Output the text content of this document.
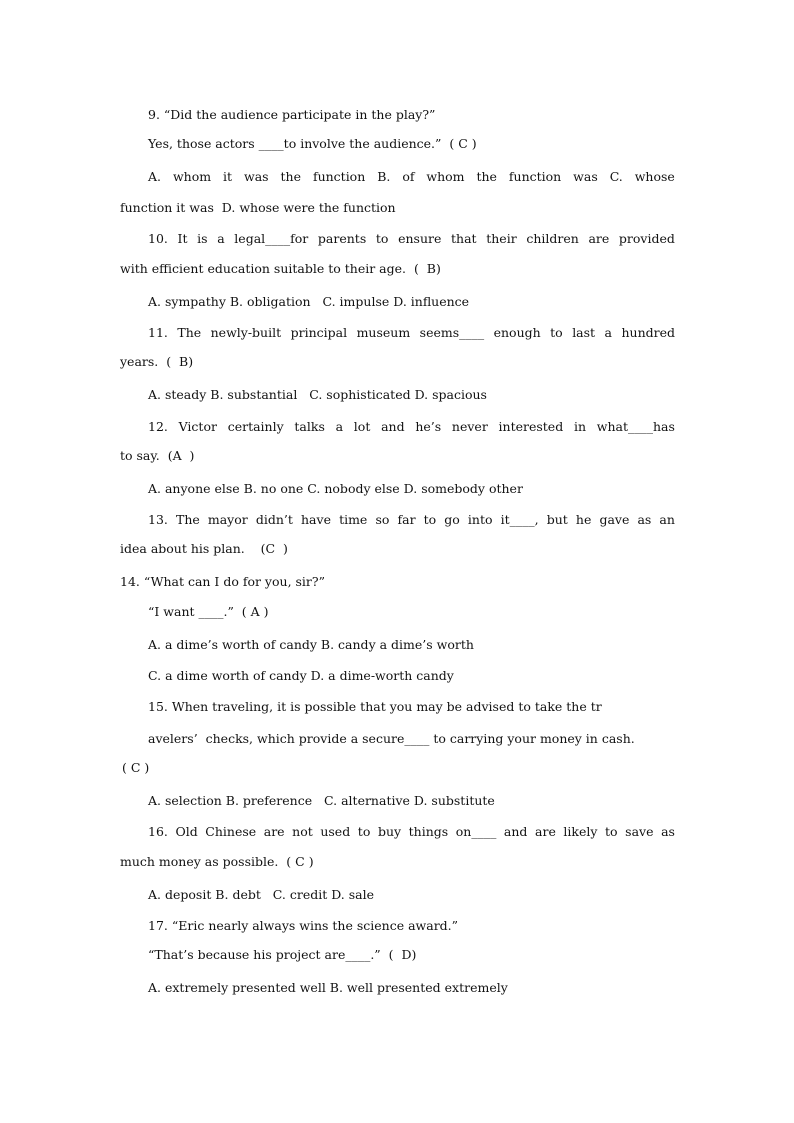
9. “Did the audience participate in the play?”
Yes, those actors ____to involve the audience.”  ( C )
A. whom it was the function B. of whom the function was C. whose
function it was  D. whose were the function
10. It is a legal____for parents to ensure that their children are provided
with efficient education suitable to their age.  (  B)
A. sympathy B. obligation   C. impulse D. influence
11. The newly-built principal museum seems____ enough to last a hundred
years.  (  B)
A. steady B. substantial   C. sophisticated D. spacious
12. Victor certainly talks a lot and he’s never interested in what____has
to say.  (A  )
A. anyone else B. no one C. nobody else D. somebody other
13. The mayor didn’t have time so far to go into it____, but he gave as an
idea about his plan.    (C  )
14. “What can I do for you, sir?”
“I want ____.”  ( A )
A. a dime’s worth of candy B. candy a dime’s worth
C. a dime worth of candy D. a dime-worth candy
15. When traveling, it is possible that you may be advised to take the tr
avelers’  checks, which provide a secure____ to carrying your money in cash.
( C )
A. selection B. preference   C. alternative D. substitute
16. Old Chinese are not used to buy things on____ and are likely to save as
much money as possible.  ( C )
A. deposit B. debt   C. credit D. sale
17. “Eric nearly always wins the science award.”
“That’s because his project are____.”  (  D)
A. extremely presented well B. well presented extremely
